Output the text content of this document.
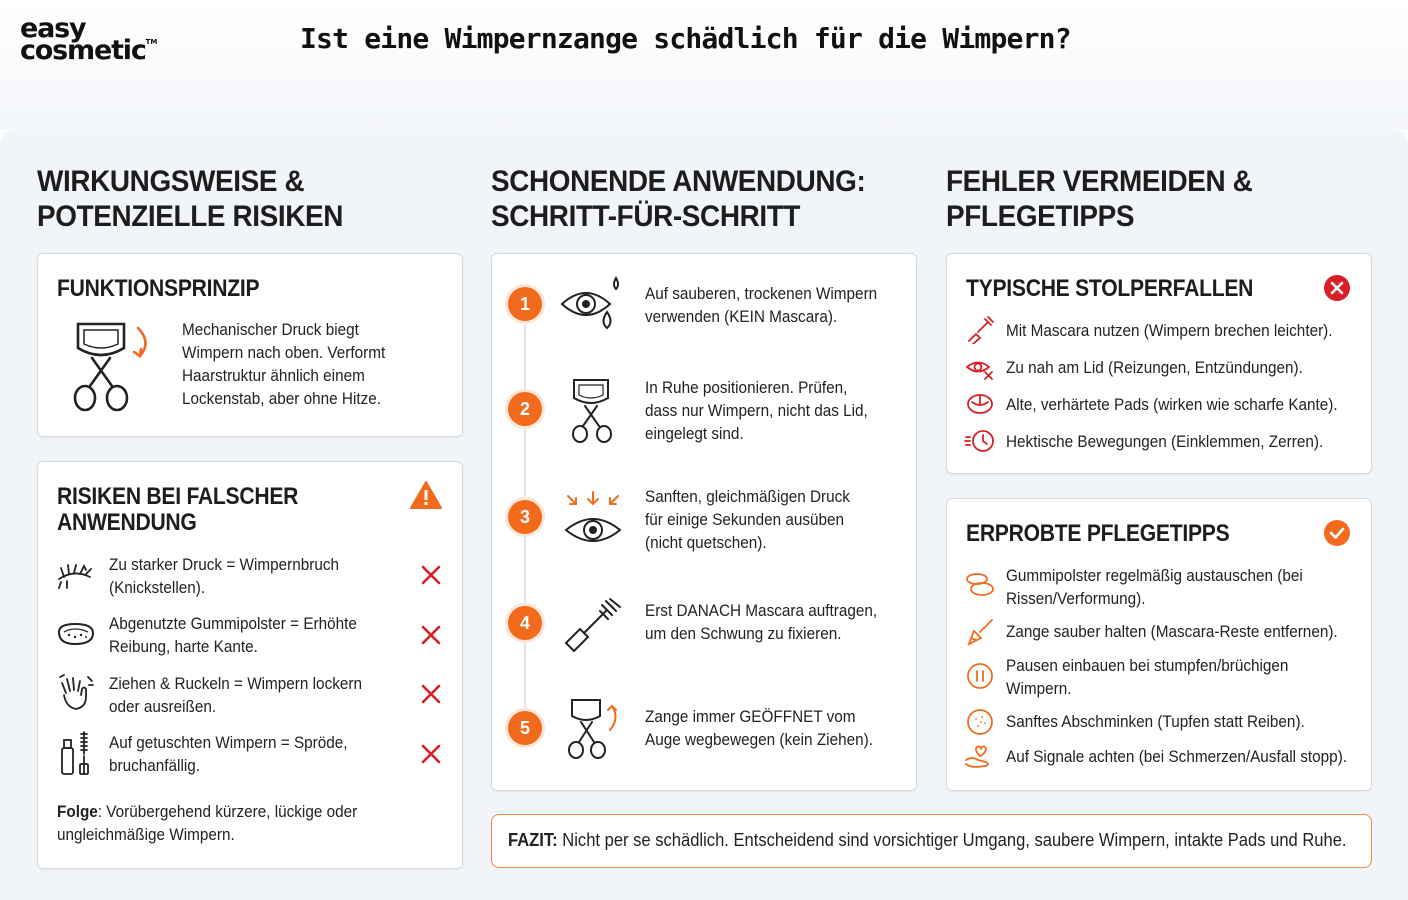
easy
cosmetic™	Ist eine Wimpernzange schädlich für die Wimpern?
WIRKUNGSWEISE &
POTENZIELLE RISIKEN
SCHONENDE ANWENDUNG:
SCHRITT-FÜR-SCHRITT
FEHLER VERMEIDEN &
PFLEGETIPPS
FUNKTIONSPRINZIP
Mechanischer Druck biegt
Wimpern nach oben. Verformt
Haarstruktur ähnlich einem
Lockenstab, aber ohne Hitze.
RISIKEN BEI FALSCHER
ANWENDUNG
Zu starker Druck = Wimpernbruch
(Knickstellen).
Abgenutzte Gummipolster = Erhöhte
Reibung, harte Kante.
Ziehen & Ruckeln = Wimpern lockern
oder ausreißen.
Auf getuschten Wimpern = Spröde,
bruchanfällig.
Folge: Vorübergehend kürzere, lückige oder
ungleichmäßige Wimpern.
1
Auf sauberen, trockenen Wimpern
verwenden (KEIN Mascara).
2
In Ruhe positionieren. Prüfen,
dass nur Wimpern, nicht das Lid,
eingelegt sind.
3
Sanften, gleichmäßigen Druck
für einige Sekunden ausüben
(nicht quetschen).
4
Erst DANACH Mascara auftragen,
um den Schwung zu fixieren.
5
Zange immer GEÖFFNET vom
Auge wegbewegen (kein Ziehen).
TYPISCHE STOLPERFALLEN
Mit Mascara nutzen (Wimpern brechen leichter).
Zu nah am Lid (Reizungen, Entzündungen).
Alte, verhärtete Pads (wirken wie scharfe Kante).
Hektische Bewegungen (Einklemmen, Zerren).
ERPROBTE PFLEGETIPPS
Gummipolster regelmäßig austauschen (bei
Rissen/Verformung).
Zange sauber halten (Mascara-Reste entfernen).
Pausen einbauen bei stumpfen/brüchigen
Wimpern.
Sanftes Abschminken (Tupfen statt Reiben).
Auf Signale achten (bei Schmerzen/Ausfall stopp).
FAZIT: Nicht per se schädlich. Entscheidend sind vorsichtiger Umgang, saubere Wimpern, intakte Pads und Ruhe.
